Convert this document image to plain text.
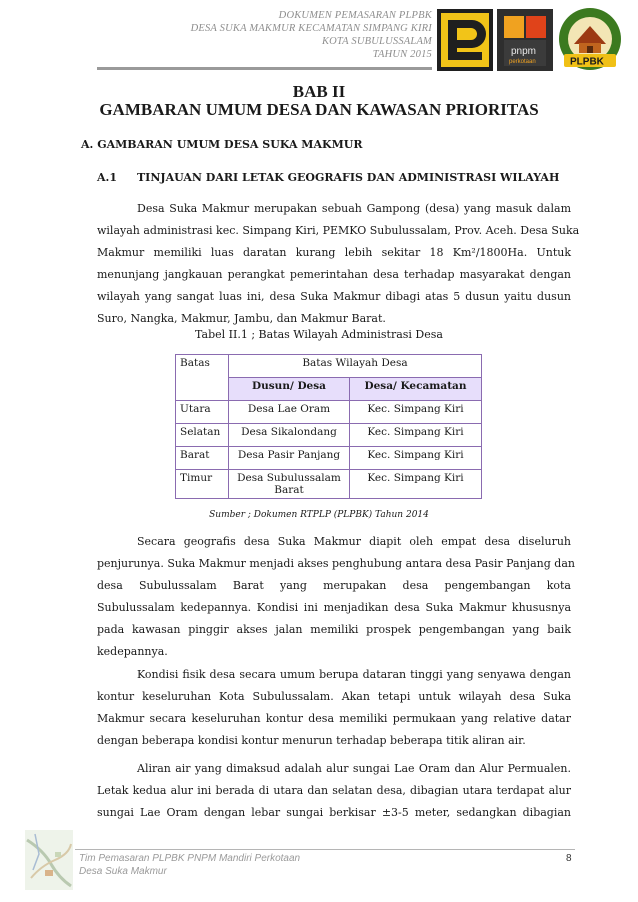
DOKUMEN PEMASARAN PLPBK
DESA SUKA MAKMUR KECAMATAN SIMPANG KIRI
KOTA SUBULUSSALAM
TAHUN 2015	pnpm
perkotaan	PLPBK
BAB II
GAMBARAN UMUM DESA DAN KAWASAN PRIORITAS
A. GAMBARAN UMUM DESA SUKA MAKMUR
A.1 TINJAUAN DARI LETAK GEOGRAFIS DAN ADMINISTRASI WILAYAH
Desa Suka Makmur merupakan sebuah Gampong (desa) yang masuk dalam
wilayah administrasi kec. Simpang Kiri, PEMKO Subulussalam, Prov. Aceh. Desa Suka
Makmur memiliki luas daratan kurang lebih sekitar 18 Km²/1800Ha. Untuk
menunjang jangkauan perangkat pemerintahan desa terhadap masyarakat dengan
wilayah yang sangat luas ini, desa Suka Makmur dibagi atas 5 dusun yaitu dusun
Suro, Nangka, Makmur, Jambu, dan Makmur Barat.
Tabel II.1 ; Batas Wilayah Administrasi Desa
Batas	Batas Wilayah Desa	
	Dusun/ Desa	Desa/ Kecamatan
Utara	Desa Lae Oram	Kec. Simpang Kiri
Selatan	Desa Sikalondang	Kec. Simpang Kiri
Barat	Desa Pasir Panjang	Kec. Simpang Kiri
Timur	Desa Subulussalam Barat	Kec. Simpang Kiri
Sumber ; Dokumen RTPLP (PLPBK) Tahun 2014
Secara geografis desa Suka Makmur diapit oleh empat desa diseluruh
penjurunya. Suka Makmur menjadi akses penghubung antara desa Pasir Panjang dan
desa Subulussalam Barat yang merupakan desa pengembangan kota
Subulussalam kedepannya. Kondisi ini menjadikan desa Suka Makmur khususnya
pada kawasan pinggir akses jalan memiliki prospek pengembangan yang baik
kedepannya.
Kondisi fisik desa secara umum berupa dataran tinggi yang senyawa dengan
kontur keseluruhan Kota Subulussalam. Akan tetapi untuk wilayah desa Suka
Makmur secara keseluruhan kontur desa memiliki permukaan yang relative datar
dengan beberapa kondisi kontur menurun terhadap beberapa titik aliran air.
Aliran air yang dimaksud adalah alur sungai Lae Oram dan Alur Permualen.
Letak kedua alur ini berada di utara dan selatan desa, dibagian utara terdapat alur
sungai Lae Oram dengan lebar sungai berkisar ±3-5 meter, sedangkan dibagian
Tim Pemasaran PLPBK PNPM Mandiri Perkotaan
Desa Suka Makmur
8
